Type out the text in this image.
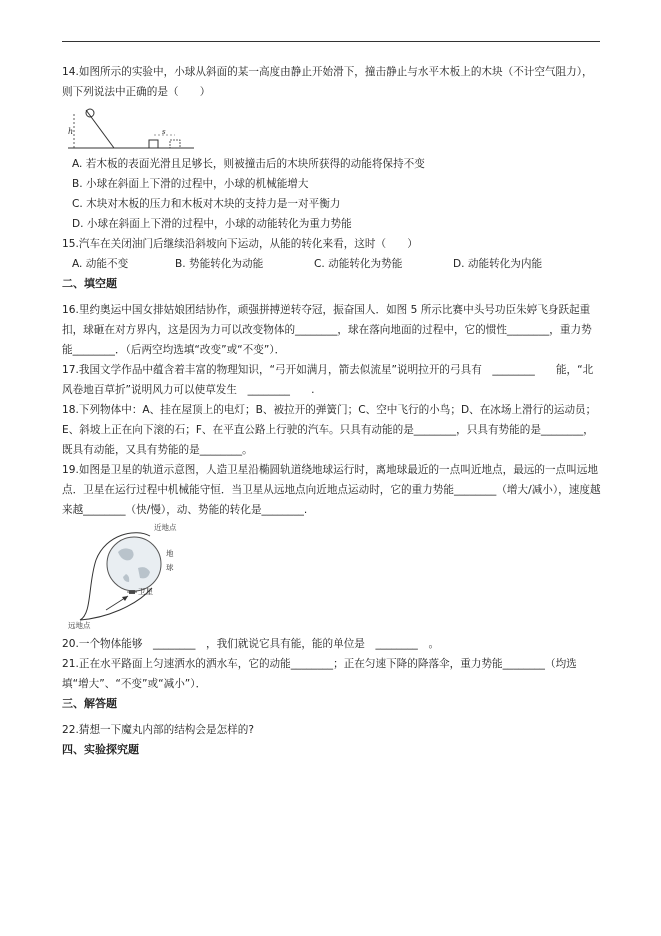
14.如图所示的实验中，小球从斜面的某一高度由静止开始滑下，撞击静止与水平木板上的木块（不计空气阻力），则下列说法中正确的是（　　）

h	s

A. 若木板的表面光滑且足够长，则被撞击后的木块所获得的动能将保持不变

B. 小球在斜面上下滑的过程中，小球的机械能增大

C. 木块对木板的压力和木板对木块的支持力是一对平衡力

D. 小球在斜面上下滑的过程中，小球的动能转化为重力势能

15.汽车在关闭油门后继续沿斜坡向下运动，从能的转化来看，这时（　　）

A. 动能不变	B. 势能转化为动能	C. 动能转化为势能	D. 动能转化为内能

二、填空题

16.里约奥运中国女排姑娘团结协作，顽强拼搏逆转夺冠，振奋国人．如图 5 所示比赛中头号功臣朱婷飞身跃起重扣，球砸在对方界内，这是因为力可以改变物体的________，球在落向地面的过程中，它的惯性________，重力势能________．（后两空均选填“改变”或“不变”）．

17.我国文学作品中蕴含着丰富的物理知识，“弓开如满月，箭去似流星”说明拉开的弓具有　________　　能，“北风卷地百草折”说明风力可以使草发生　________　　.

18.下列物体中：A、挂在屋顶上的电灯；B、被拉开的弹簧门；C、空中飞行的小鸟；D、在冰场上滑行的运动员；E、斜坡上正在向下滚的石；F、在平直公路上行驶的汽车。只具有动能的是________，只具有势能的是________，既具有动能，又具有势能的是________。

19.如图是卫星的轨道示意图，人造卫星沿椭圆轨道绕地球运行时，离地球最近的一点叫近地点，最远的一点叫远地点．卫星在运行过程中机械能守恒．当卫星从远地点向近地点运动时，它的重力势能________（增大/减小），速度越来越________（快/慢），动、势能的转化是________.

近地点
地
球
卫星
远地点

20.一个物体能够　________　，我们就说它具有能，能的单位是　________　。

21.正在水平路面上匀速洒水的洒水车，它的动能________；正在匀速下降的降落伞，重力势能________（均选填“增大”、“不变”或“减小”）．

三、解答题

22.猜想一下魔丸内部的结构会是怎样的?

四、实验探究题
